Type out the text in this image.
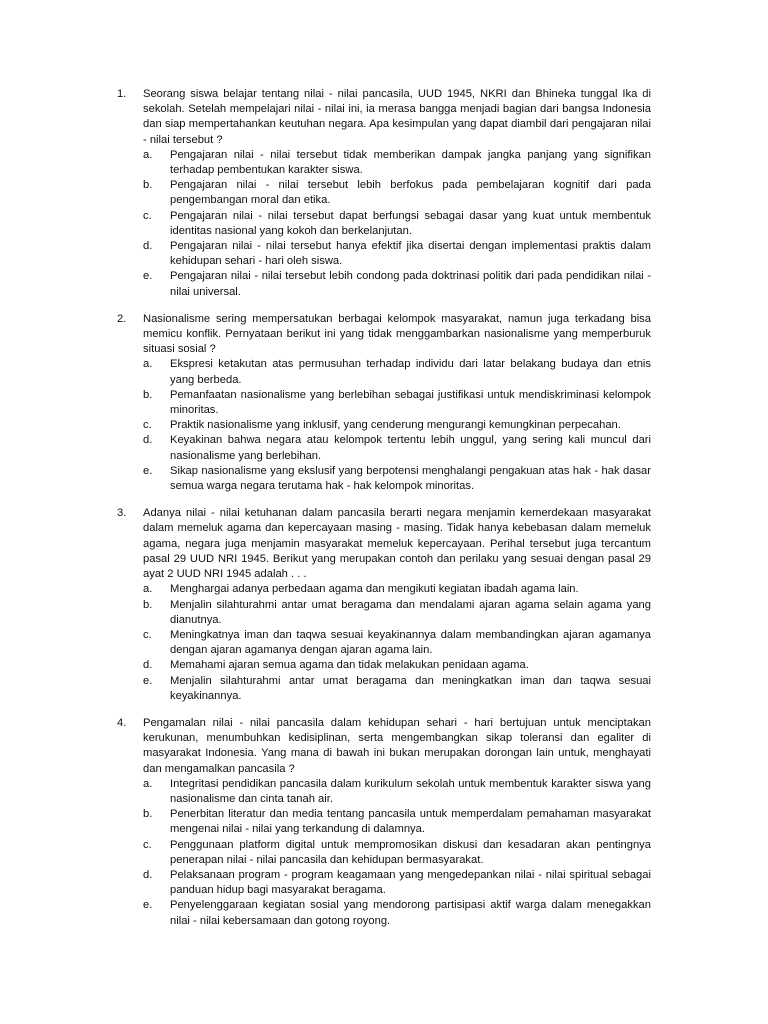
1.	Seorang siswa belajar tentang nilai - nilai pancasila, UUD 1945, NKRI dan Bhineka tunggal Ika di sekolah. Setelah mempelajari nilai - nilai ini, ia merasa bangga menjadi bagian dari bangsa Indonesia dan siap mempertahankan keutuhan negara. Apa kesimpulan yang dapat diambil dari pengajaran nilai - nilai tersebut ?
a.	Pengajaran nilai - nilai tersebut tidak memberikan dampak jangka panjang yang signifikan terhadap pembentukan karakter siswa.
b.	Pengajaran nilai - nilai tersebut lebih berfokus pada pembelajaran kognitif dari pada pengembangan moral dan etika.
c.	Pengajaran nilai - nilai tersebut dapat berfungsi sebagai dasar yang kuat untuk membentuk identitas nasional yang kokoh dan berkelanjutan.
d.	Pengajaran nilai - nilai tersebut hanya efektif jika disertai dengan implementasi praktis dalam kehidupan sehari - hari oleh siswa.
e.	Pengajaran nilai - nilai tersebut lebih condong pada doktrinasi politik dari pada pendidikan nilai - nilai universal.
2.	Nasionalisme sering mempersatukan berbagai kelompok masyarakat, namun juga terkadang bisa memicu konflik. Pernyataan berikut ini yang tidak menggambarkan nasionalisme yang memperburuk situasi sosial ?
a.	Ekspresi ketakutan atas permusuhan terhadap individu dari latar belakang budaya dan etnis yang berbeda.
b.	Pemanfaatan nasionalisme yang berlebihan sebagai justifikasi untuk mendiskriminasi kelompok minoritas.
c.	Praktik nasionalisme yang inklusif, yang cenderung mengurangi kemungkinan perpecahan.
d.	Keyakinan bahwa negara atau kelompok tertentu lebih unggul, yang sering kali muncul dari nasionalisme yang berlebihan.
e.	Sikap nasionalisme yang ekslusif yang berpotensi menghalangi pengakuan atas hak - hak dasar semua warga negara terutama hak - hak kelompok minoritas.
3.	Adanya nilai - nilai ketuhanan dalam pancasila berarti negara menjamin kemerdekaan masyarakat dalam memeluk agama dan kepercayaan masing - masing. Tidak hanya kebebasan dalam memeluk agama, negara juga menjamin masyarakat memeluk kepercayaan. Perihal tersebut juga tercantum pasal 29 UUD NRI 1945. Berikut yang merupakan contoh dan perilaku yang sesuai dengan pasal 29 ayat 2 UUD NRI 1945 adalah . . .
a.	Menghargai adanya perbedaan agama dan mengikuti kegiatan ibadah agama lain.
b.	Menjalin silahturahmi antar umat beragama dan mendalami ajaran agama selain agama yang dianutnya.
c.	Meningkatnya iman dan taqwa sesuai keyakinannya dalam membandingkan ajaran agamanya dengan ajaran agamanya dengan ajaran agama lain.
d.	Memahami ajaran semua agama dan tidak melakukan penidaan agama.
e.	Menjalin silahturahmi antar umat beragama dan meningkatkan iman dan taqwa sesuai keyakinannya.
4.	Pengamalan nilai - nilai pancasila dalam kehidupan sehari - hari bertujuan untuk menciptakan kerukunan, menumbuhkan kedisiplinan, serta mengembangkan sikap toleransi dan egaliter di masyarakat Indonesia. Yang mana di bawah ini bukan merupakan dorongan lain untuk, menghayati dan mengamalkan pancasila ?
a.	Integritasi pendidikan pancasila dalam kurikulum sekolah untuk membentuk karakter siswa yang nasionalisme dan cinta tanah air.
b.	Penerbitan literatur dan media tentang pancasila untuk memperdalam pemahaman masyarakat mengenai nilai - nilai yang terkandung di dalamnya.
c.	Penggunaan platform digital untuk mempromosikan diskusi dan kesadaran akan pentingnya penerapan nilai - nilai pancasila dan kehidupan bermasyarakat.
d.	Pelaksanaan program - program keagamaan yang mengedepankan nilai - nilai spiritual sebagai panduan hidup bagi masyarakat beragama.
e.	Penyelenggaraan kegiatan sosial yang mendorong partisipasi aktif warga dalam menegakkan nilai - nilai kebersamaan dan gotong royong.
